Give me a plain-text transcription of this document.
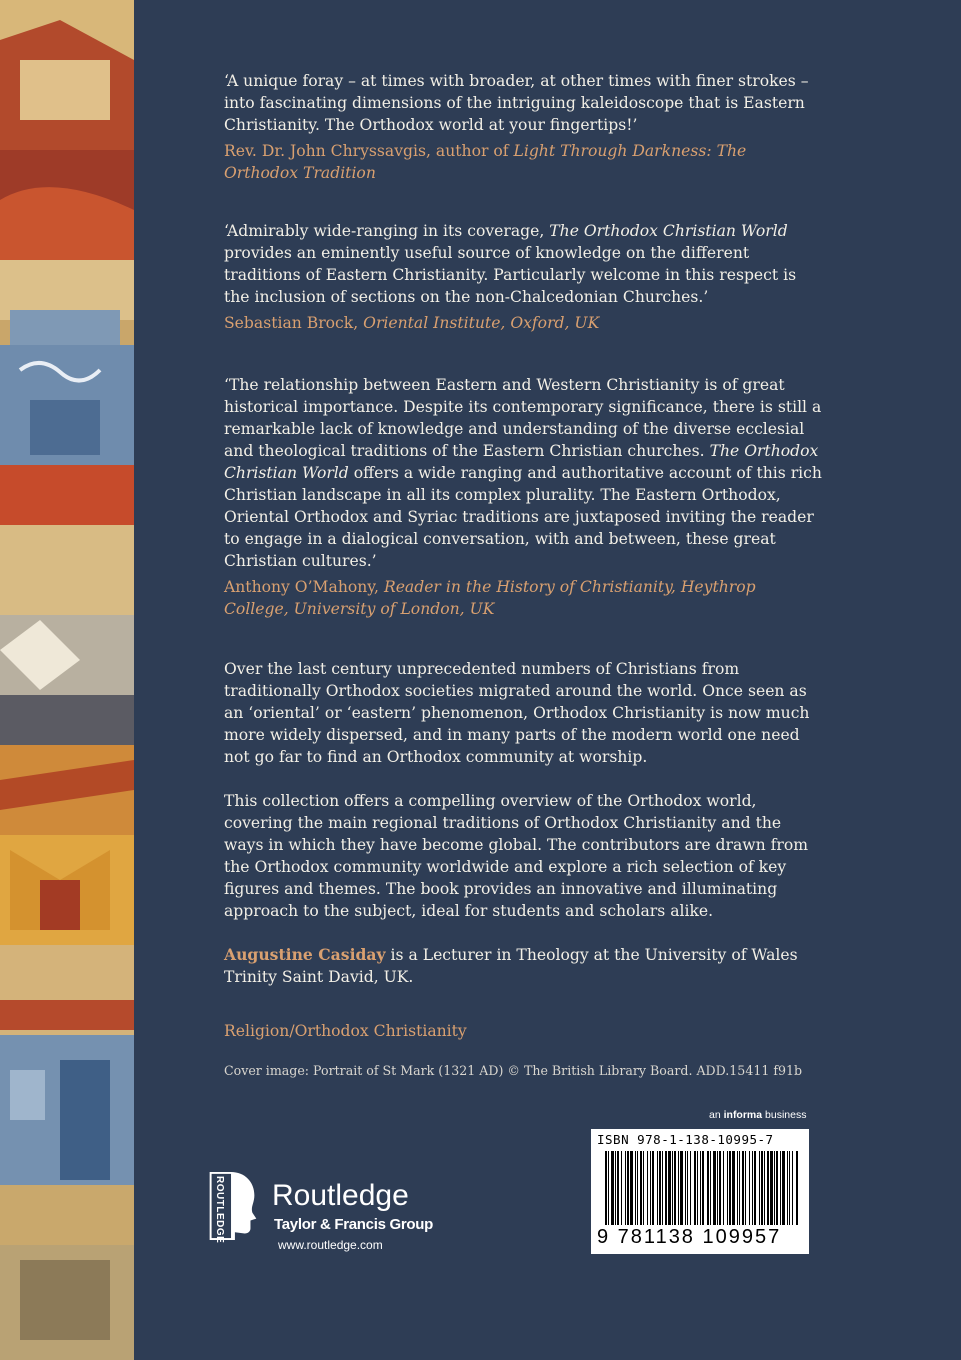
‘A unique foray – at times with broader, at other times with finer strokes – into fascinating dimensions of the intriguing kaleidoscope that is Eastern Christianity. The Orthodox world at your fingertips!’

Rev. Dr. John Chryssavgis, author of Light Through Darkness: The Orthodox Tradition

‘Admirably wide-ranging in its coverage, The Orthodox Christian World provides an eminently useful source of knowledge on the different traditions of Eastern Christianity. Particularly welcome in this respect is the inclusion of sections on the non-Chalcedonian Churches.’

Sebastian Brock, Oriental Institute, Oxford, UK

‘The relationship between Eastern and Western Christianity is of great historical importance. Despite its contemporary significance, there is still a remarkable lack of knowledge and understanding of the diverse ecclesial and theological traditions of the Eastern Christian churches. The Orthodox Christian World offers a wide ranging and authoritative account of this rich Christian landscape in all its complex plurality. The Eastern Orthodox, Oriental Orthodox and Syriac traditions are juxtaposed inviting the reader to engage in a dialogical conversation, with and between, these great Christian cultures.’

Anthony O’Mahony, Reader in the History of Christianity, Heythrop College, University of London, UK

Over the last century unprecedented numbers of Christians from traditionally Orthodox societies migrated around the world. Once seen as an ‘oriental’ or ‘eastern’ phenomenon, Orthodox Christianity is now much more widely dispersed, and in many parts of the modern world one need not go far to find an Orthodox community at worship.

This collection offers a compelling overview of the Orthodox world, covering the main regional traditions of Orthodox Christianity and the ways in which they have become global. The contributors are drawn from the Orthodox community worldwide and explore a rich selection of key figures and themes. The book provides an innovative and illuminating approach to the subject, ideal for students and scholars alike.

Augustine Casiday is a Lecturer in Theology at the University of Wales Trinity Saint David, UK.

Religion/Orthodox Christianity

Cover image: Portrait of St Mark (1321 AD) © The British Library Board. ADD.15411 f91b

an informa business
ROUTLEDGE Routledge
Taylor & Francis Group
www.routledge.com
ISBN 978-1-138-10995-7
9 781138 109957
